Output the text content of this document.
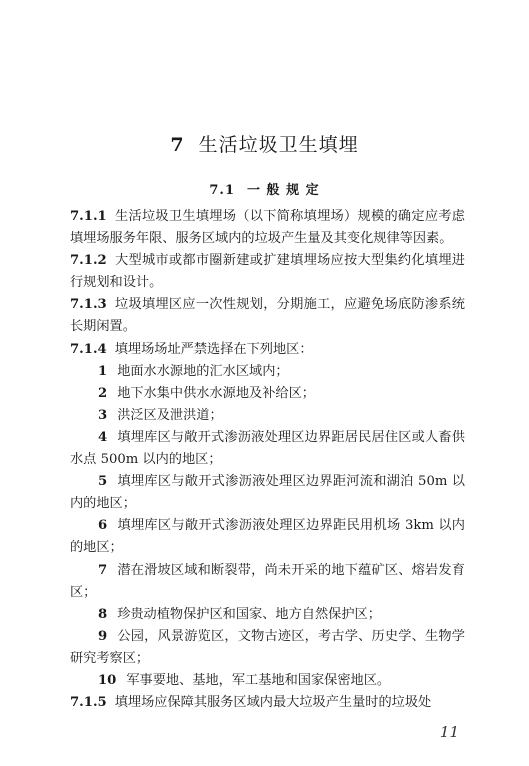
7 生活垃圾卫生填埋
7.1 一 般 规 定

7.1.1 生活垃圾卫生填埋场（以下简称填埋场）规模的确定应考虑填埋场服务年限、服务区域内的垃圾产生量及其变化规律等因素。

7.1.2 大型城市或都市圈新建或扩建填埋场应按大型集约化填埋进行规划和设计。

7.1.3 垃圾填埋区应一次性规划，分期施工，应避免场底防渗系统长期闲置。

7.1.4 填埋场场址严禁选择在下列地区：

1 地面水水源地的汇水区域内；

2 地下水集中供水水源地及补给区；

3 洪泛区及泄洪道；

4 填埋库区与敞开式渗沥液处理区边界距居民居住区或人畜供水点 500m 以内的地区；

5 填埋库区与敞开式渗沥液处理区边界距河流和湖泊 50m 以内的地区；

6 填埋库区与敞开式渗沥液处理区边界距民用机场 3km 以内的地区；

7 潜在滑坡区域和断裂带，尚未开采的地下蕴矿区、熔岩发育区；

8 珍贵动植物保护区和国家、地方自然保护区；

9 公园，风景游览区，文物古迹区，考古学、历史学、生物学研究考察区；

10 军事要地、基地，军工基地和国家保密地区。

7.1.5 填埋场应保障其服务区域内最大垃圾产生量时的垃圾处

11
